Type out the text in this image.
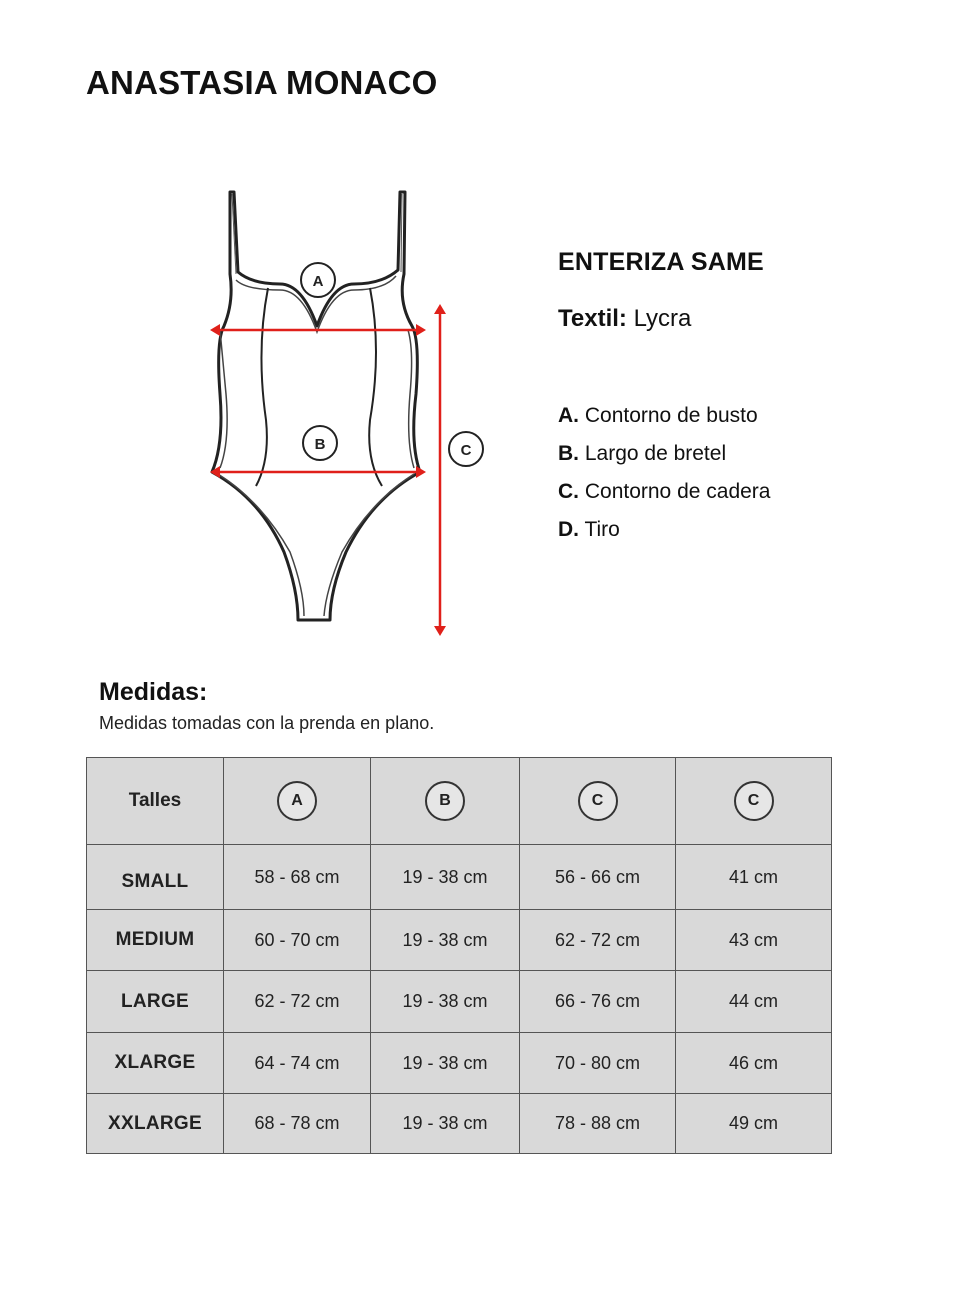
ANASTASIA MONACO
A
B	C
ENTERIZA SAME

Textil: Lycra

A. Contorno de busto
B. Largo de bretel
C. Contorno de cadera
D. Tiro
Medidas:

Medidas tomadas con la prenda en plano.

Talles	A	B	C	C
SMALL	58 - 68 cm	19 - 38 cm	56 - 66 cm	41 cm
MEDIUM	60 - 70 cm	19 - 38 cm	62 - 72 cm	43 cm
LARGE	62 - 72 cm	19 - 38 cm	66 - 76 cm	44 cm
XLARGE	64 - 74 cm	19 - 38 cm	70 - 80 cm	46 cm
XXLARGE	68 - 78 cm	19 - 38 cm	78 - 88 cm	49 cm
